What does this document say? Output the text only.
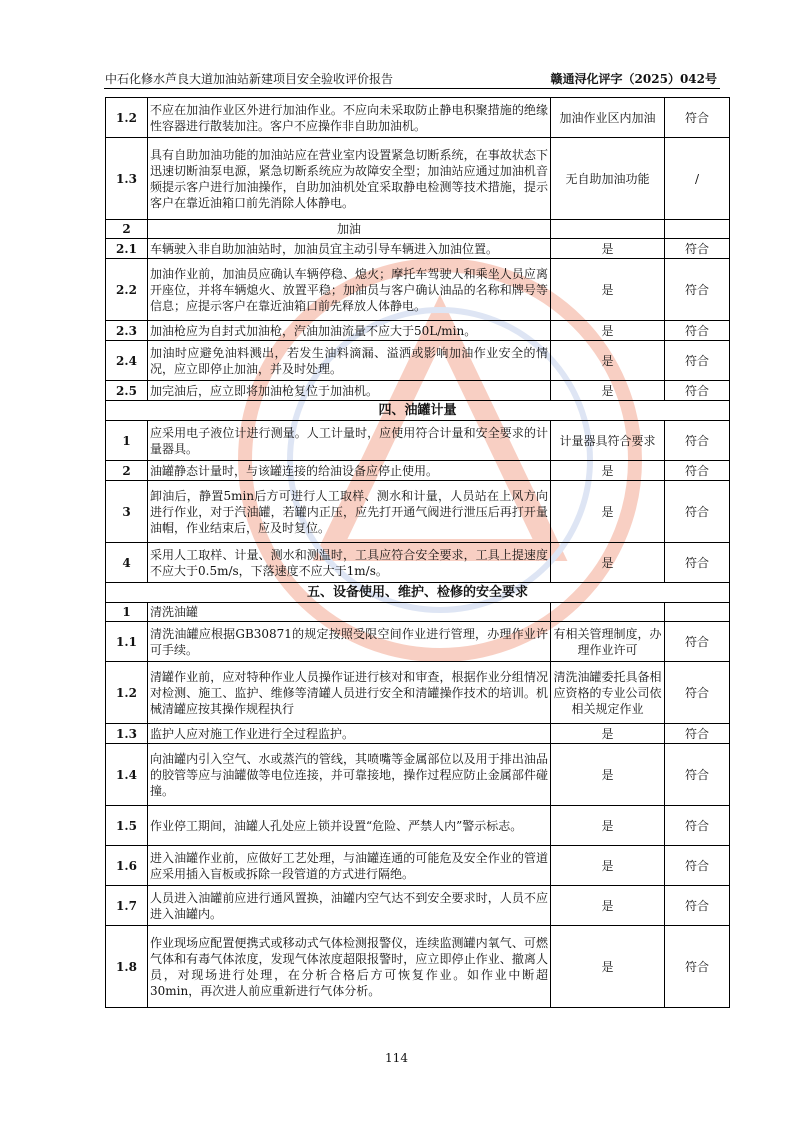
中石化修水芦良大道加油站新建项目安全验收评价报告	赣通浔化评字（2025）042号
1.2	不应在加油作业区外进行加油作业。不应向未采取防止静电积聚措施的绝缘性容器进行散装加注。客户不应操作非自助加油机。	加油作业区内加油	符合
1.3	具有自助加油功能的加油站应在营业室内设置紧急切断系统，在事故状态下迅速切断油泵电源，紧急切断系统应为故障安全型；加油站应通过加油机音频提示客户进行加油操作，自助加油机处宜采取静电检测等技术措施，提示客户在靠近油箱口前先消除人体静电。	无自助加油功能	/
2	加油		
2.1	车辆驶入非自助加油站时，加油员宜主动引导车辆进入加油位置。	是	符合
2.2	加油作业前，加油员应确认车辆停稳、熄火；摩托车驾驶人和乘坐人员应离开座位，并将车辆熄火、放置平稳；加油员与客户确认油品的名称和牌号等信息；应提示客户在靠近油箱口前先释放人体静电。	是	符合
2.3	加油枪应为自封式加油枪，汽油加油流量不应大于50L/min。	是	符合
2.4	加油时应避免油料溅出，若发生油料滴漏、溢洒或影响加油作业安全的情况，应立即停止加油，并及时处理。	是	符合
2.5	加完油后，应立即将加油枪复位于加油机。	是	符合
四、油罐计量			
1	应采用电子液位计进行测量。人工计量时，应使用符合计量和安全要求的计量器具。	计量器具符合要求	符合
2	油罐静态计量时，与该罐连接的给油设备应停止使用。	是	符合
3	卸油后，静置5min后方可进行人工取样、测水和计量，人员站在上风方向进行作业，对于汽油罐，若罐内正压，应先打开通气阀进行泄压后再打开量油帽，作业结束后，应及时复位。	是	符合
4	采用人工取样、计量、测水和测温时，工具应符合安全要求，工具上提速度不应大于0.5m/s，下落速度不应大于1m/s。	是	符合
五、设备使用、维护、检修的安全要求			
1	清洗油罐		
1.1	清洗油罐应根据GB30871的规定按照受限空间作业进行管理，办理作业许可手续。	有相关管理制度，办理作业许可	符合
1.2	清罐作业前，应对特种作业人员操作证进行核对和审查，根据作业分组情况对检测、施工、监护、维修等清罐人员进行安全和清罐操作技术的培训。机械清罐应按其操作规程执行	清洗油罐委托具备相应资格的专业公司依相关规定作业	符合
1.3	监护人应对施工作业进行全过程监护。	是	符合
1.4	向油罐内引入空气、水或蒸汽的管线，其喷嘴等金属部位以及用于排出油品的胶管等应与油罐做等电位连接，并可靠接地，操作过程应防止金属部件碰撞。	是	符合
1.5	作业停工期间，油罐人孔处应上锁并设置“危险、严禁人内”警示标志。	是	符合
1.6	进入油罐作业前，应做好工艺处理，与油罐连通的可能危及安全作业的管道应采用插入盲板或拆除一段管道的方式进行隔绝。	是	符合
1.7	人员进入油罐前应进行通风置换，油罐内空气达不到安全要求时，人员不应进入油罐内。	是	符合
1.8	作业现场应配置便携式或移动式气体检测报警仪，连续监测罐内氧气、可燃气体和有毒气体浓度，发现气体浓度超限报警时，应立即停止作业、撤离人员，对现场进行处理，在分析合格后方可恢复作业。如作业中断超30min，再次进人前应重新进行气体分析。	是	符合
114
